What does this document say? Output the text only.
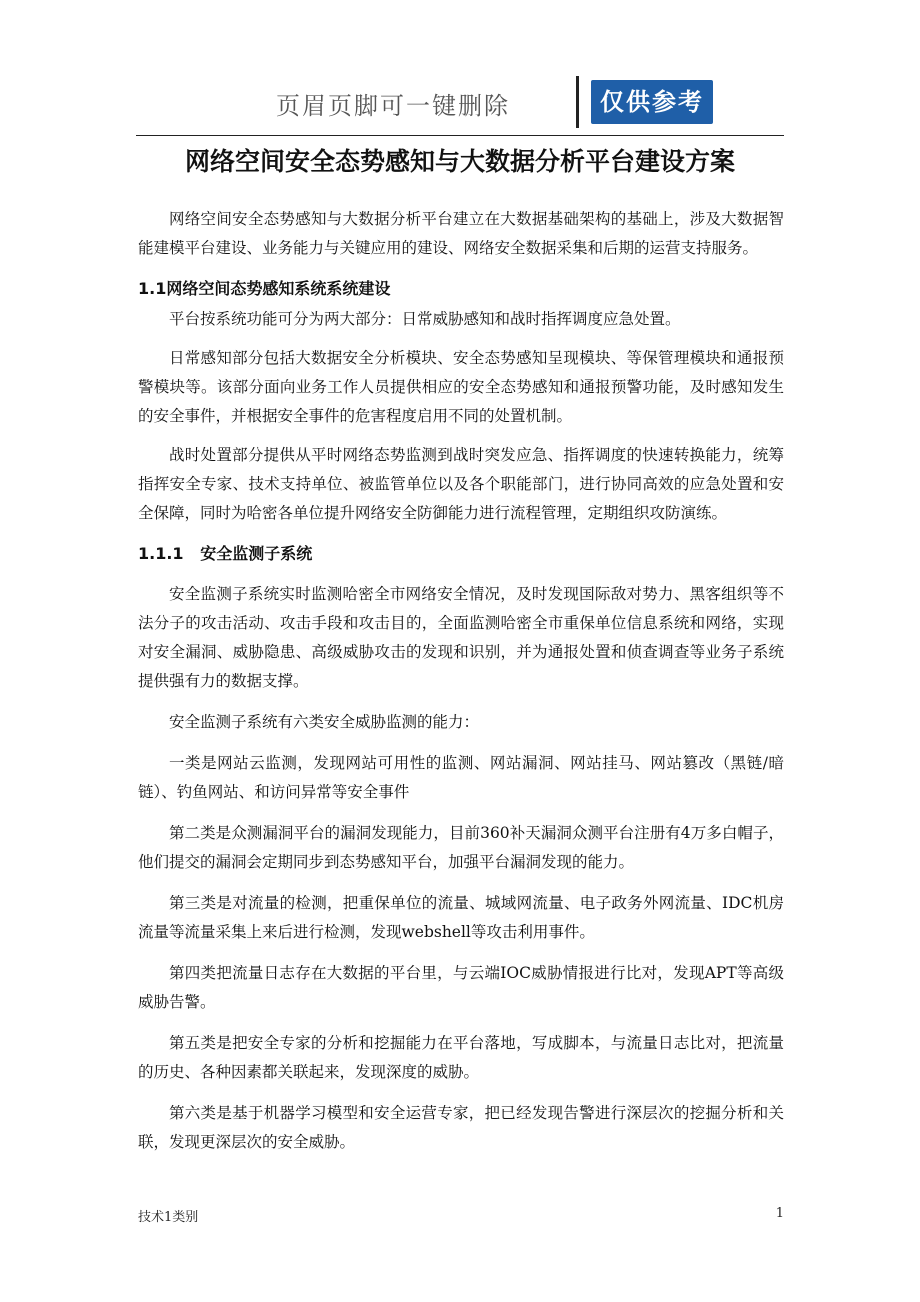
页眉页脚可一键删除	仅供参考
网络空间安全态势感知与大数据分析平台建设方案

网络空间安全态势感知与大数据分析平台建立在大数据基础架构的基础上，涉及大数据智能建模平台建设、业务能力与关键应用的建设、网络安全数据采集和后期的运营支持服务。

1.1网络空间态势感知系统系统建设

平台按系统功能可分为两大部分：日常威胁感知和战时指挥调度应急处置。

日常感知部分包括大数据安全分析模块、安全态势感知呈现模块、等保管理模块和通报预警模块等。该部分面向业务工作人员提供相应的安全态势感知和通报预警功能，及时感知发生的安全事件，并根据安全事件的危害程度启用不同的处置机制。

战时处置部分提供从平时网络态势监测到战时突发应急、指挥调度的快速转换能力，统筹指挥安全专家、技术支持单位、被监管单位以及各个职能部门，进行协同高效的应急处置和安全保障，同时为哈密各单位提升网络安全防御能力进行流程管理，定期组织攻防演练。

1.1.1   安全监测子系统

安全监测子系统实时监测哈密全市网络安全情况，及时发现国际敌对势力、黑客组织等不法分子的攻击活动、攻击手段和攻击目的，全面监测哈密全市重保单位信息系统和网络，实现对安全漏洞、威胁隐患、高级威胁攻击的发现和识别，并为通报处置和侦查调查等业务子系统提供强有力的数据支撑。

安全监测子系统有六类安全威胁监测的能力：

一类是网站云监测，发现网站可用性的监测、网站漏洞、网站挂马、网站篡改（黑链/暗链）、钓鱼网站、和访问异常等安全事件

第二类是众测漏洞平台的漏洞发现能力，目前360补天漏洞众测平台注册有4万多白帽子，他们提交的漏洞会定期同步到态势感知平台，加强平台漏洞发现的能力。

第三类是对流量的检测，把重保单位的流量、城域网流量、电子政务外网流量、IDC机房流量等流量采集上来后进行检测，发现webshell等攻击利用事件。

第四类把流量日志存在大数据的平台里，与云端IOC威胁情报进行比对，发现APT等高级威胁告警。

第五类是把安全专家的分析和挖掘能力在平台落地，写成脚本，与流量日志比对，把流量的历史、各种因素都关联起来，发现深度的威胁。

第六类是基于机器学习模型和安全运营专家，把已经发现告警进行深层次的挖掘分析和关联，发现更深层次的安全威胁。

技术1类别	1
